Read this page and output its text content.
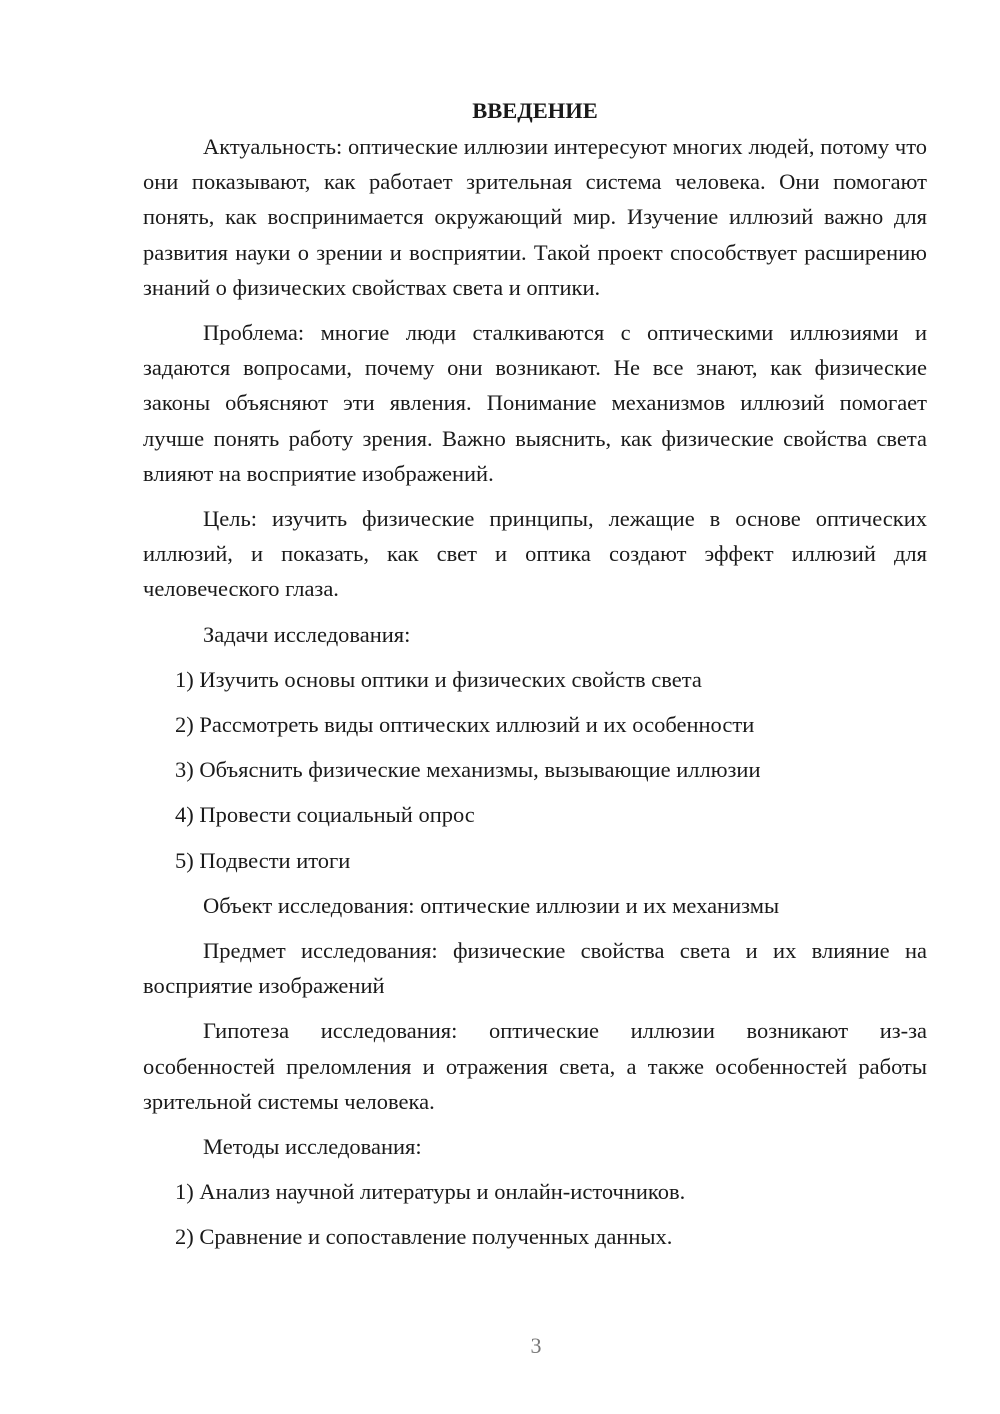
ВВЕДЕНИЕ

Актуальность: оптические иллюзии интересуют многих людей, потому что они показывают, как работает зрительная система человека. Они помогают понять, как воспринимается окружающий мир. Изучение иллюзий важно для развития науки о зрении и восприятии. Такой проект способствует расширению знаний о физических свойствах света и оптики.

Проблема: многие люди сталкиваются с оптическими иллюзиями и задаются вопросами, почему они возникают. Не все знают, как физические законы объясняют эти явления. Понимание механизмов иллюзий помогает лучше понять работу зрения. Важно выяснить, как физические свойства света влияют на восприятие изображений.

Цель: изучить физические принципы, лежащие в основе оптических иллюзий, и показать, как свет и оптика создают эффект иллюзий для человеческого глаза.

Задачи исследования:

1) Изучить основы оптики и физических свойств света

2) Рассмотреть виды оптических иллюзий и их особенности

3) Объяснить физические механизмы, вызывающие иллюзии

4) Провести социальный опрос

5) Подвести итоги

Объект исследования: оптические иллюзии и их механизмы

Предмет исследования: физические свойства света и их влияние на восприятие изображений

Гипотеза исследования: оптические иллюзии возникают из-за особенностей преломления и отражения света, а также особенностей работы зрительной системы человека.

Методы исследования:

1) Анализ научной литературы и онлайн-источников.

2) Сравнение и сопоставление полученных данных.

3
